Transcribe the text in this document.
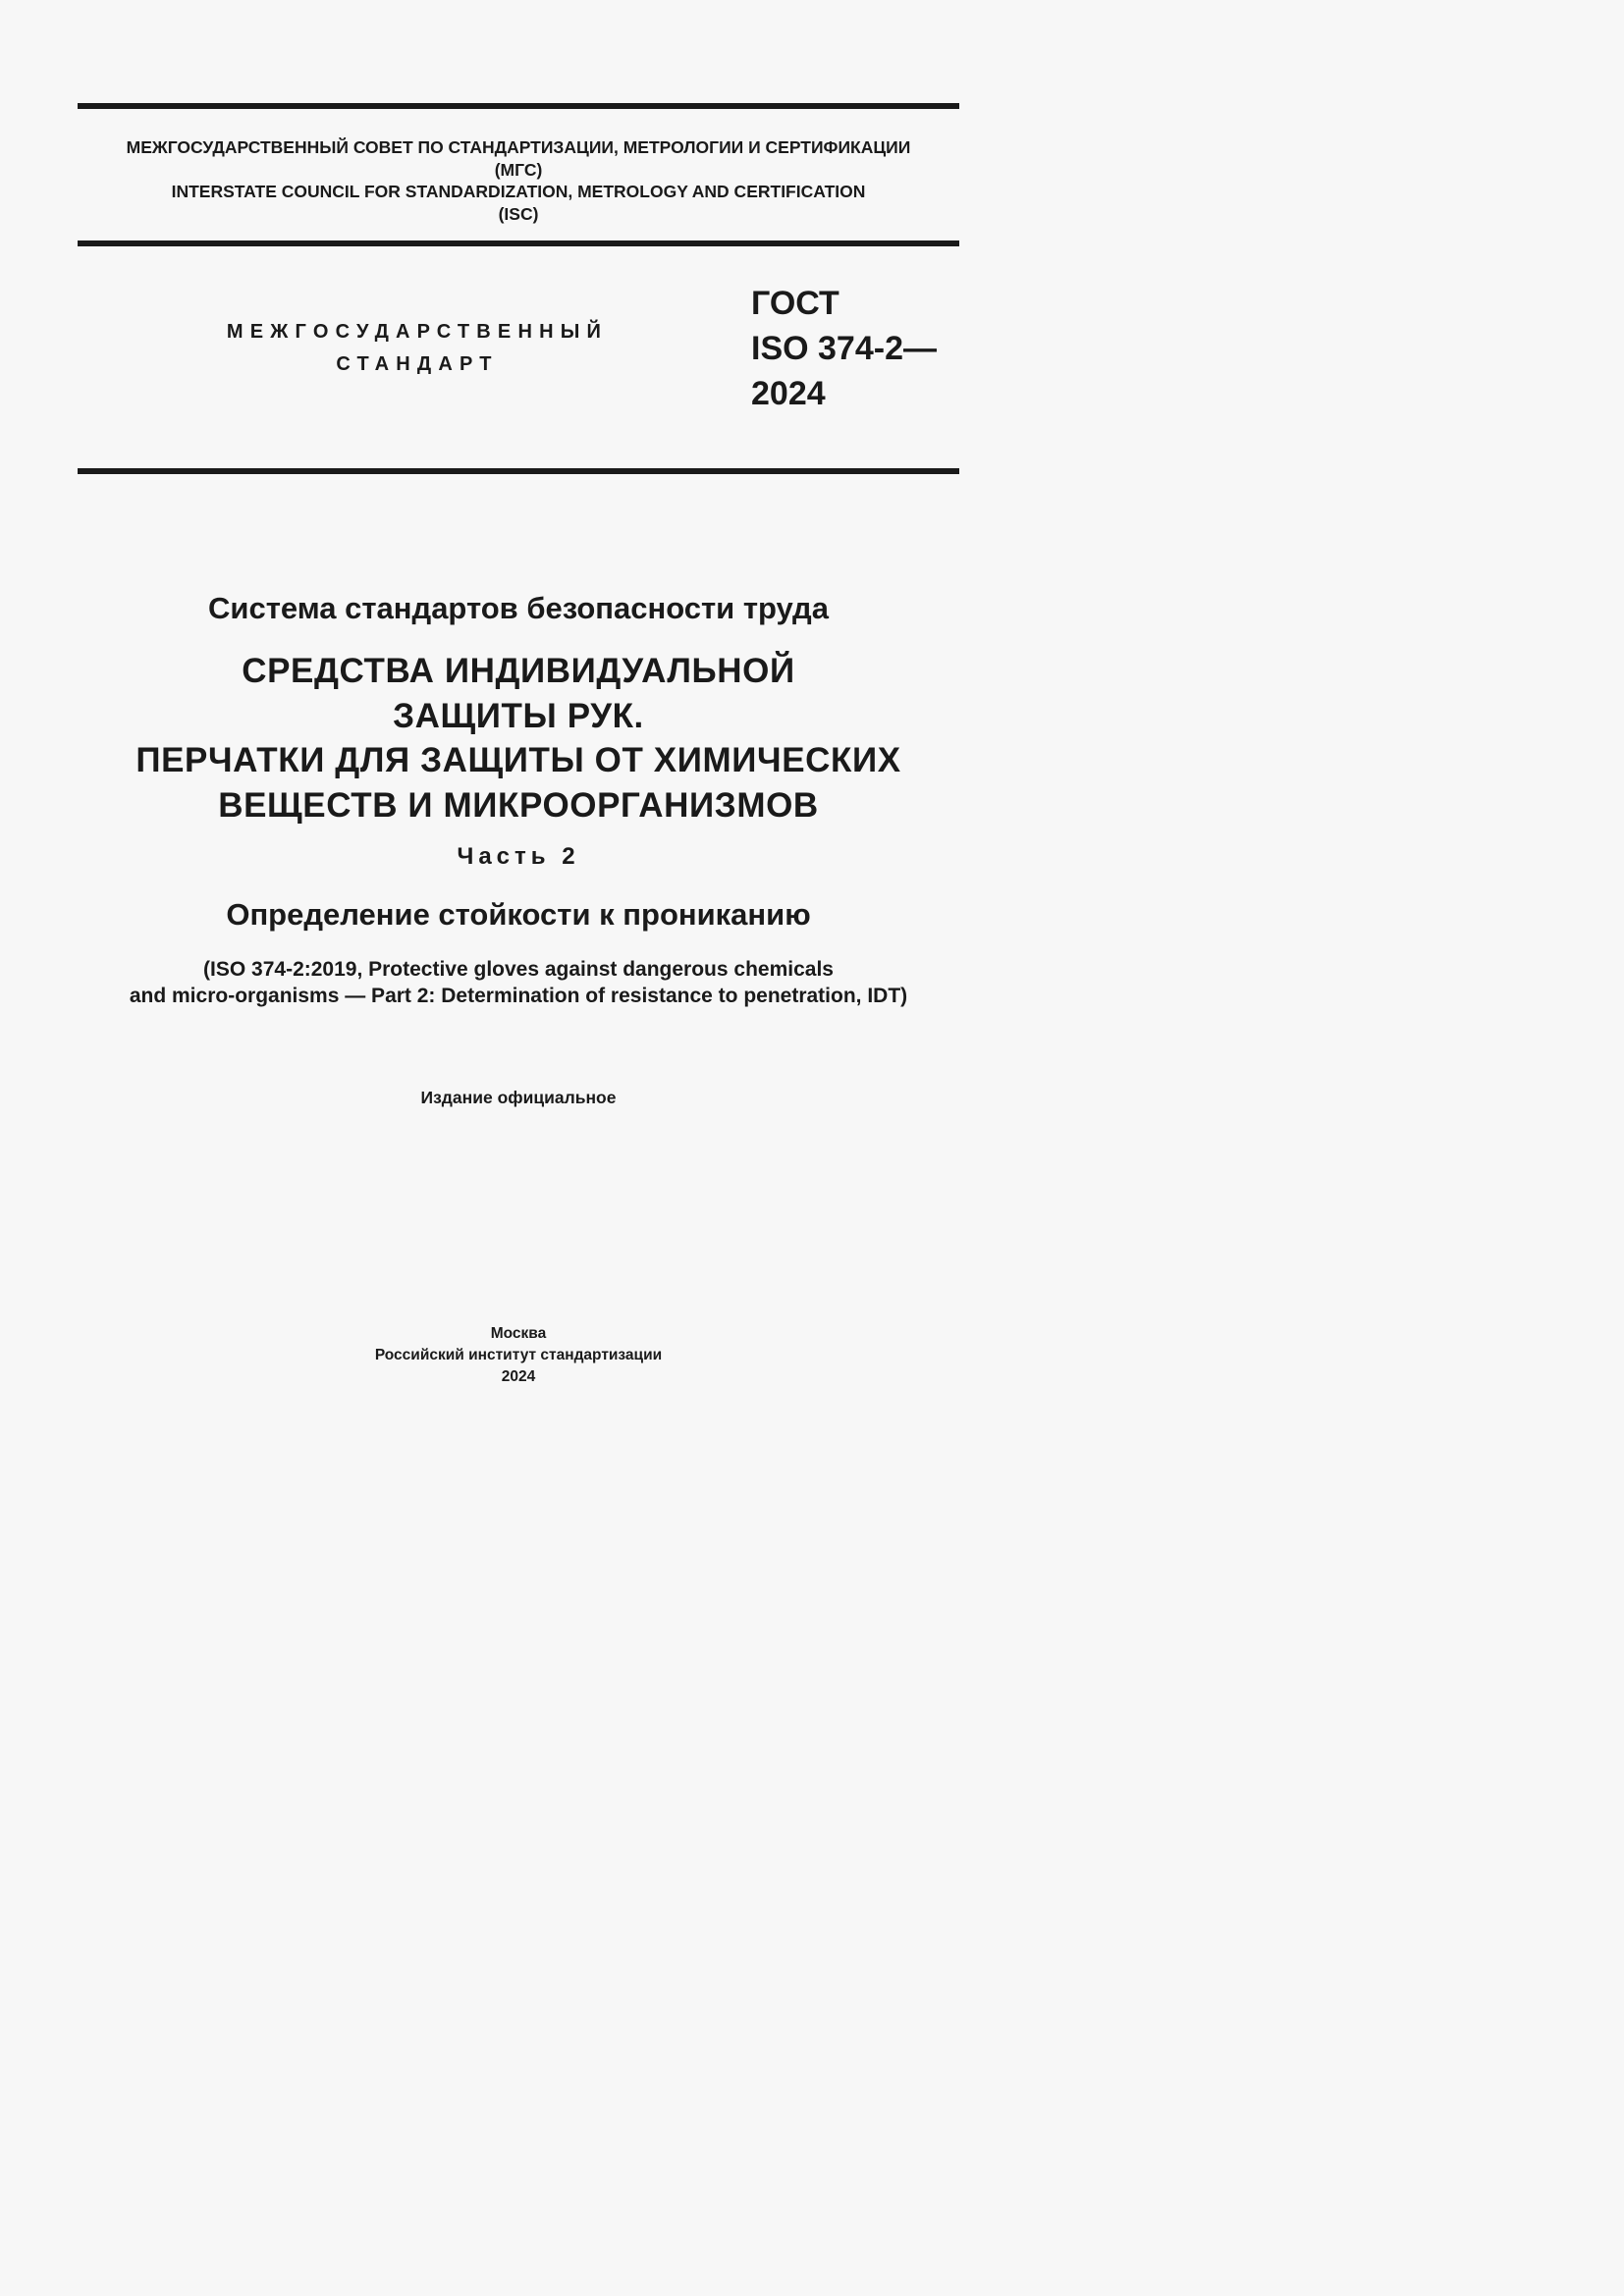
МЕЖГОСУДАРСТВЕННЫЙ СОВЕТ ПО СТАНДАРТИЗАЦИИ, МЕТРОЛОГИИ И СЕРТИФИКАЦИИ
(МГС)
INTERSTATE COUNCIL FOR STANDARDIZATION, METROLOGY AND CERTIFICATION
(ISC)
МЕЖГОСУДАРСТВЕННЫЙ
СТАНДАРТ
ГОСТ
ISO 374-2—
2024
Система стандартов безопасности труда
СРЕДСТВА ИНДИВИДУАЛЬНОЙ
ЗАЩИТЫ РУК.
ПЕРЧАТКИ ДЛЯ ЗАЩИТЫ ОТ ХИМИЧЕСКИХ
ВЕЩЕСТВ И МИКРООРГАНИЗМОВ
Часть 2
Определение стойкости к прониканию
(ISO 374-2:2019, Protective gloves against dangerous chemicals
and micro-organisms — Part 2: Determination of resistance to penetration, IDT)
Издание официальное
Москва
Российский институт стандартизации
2024
